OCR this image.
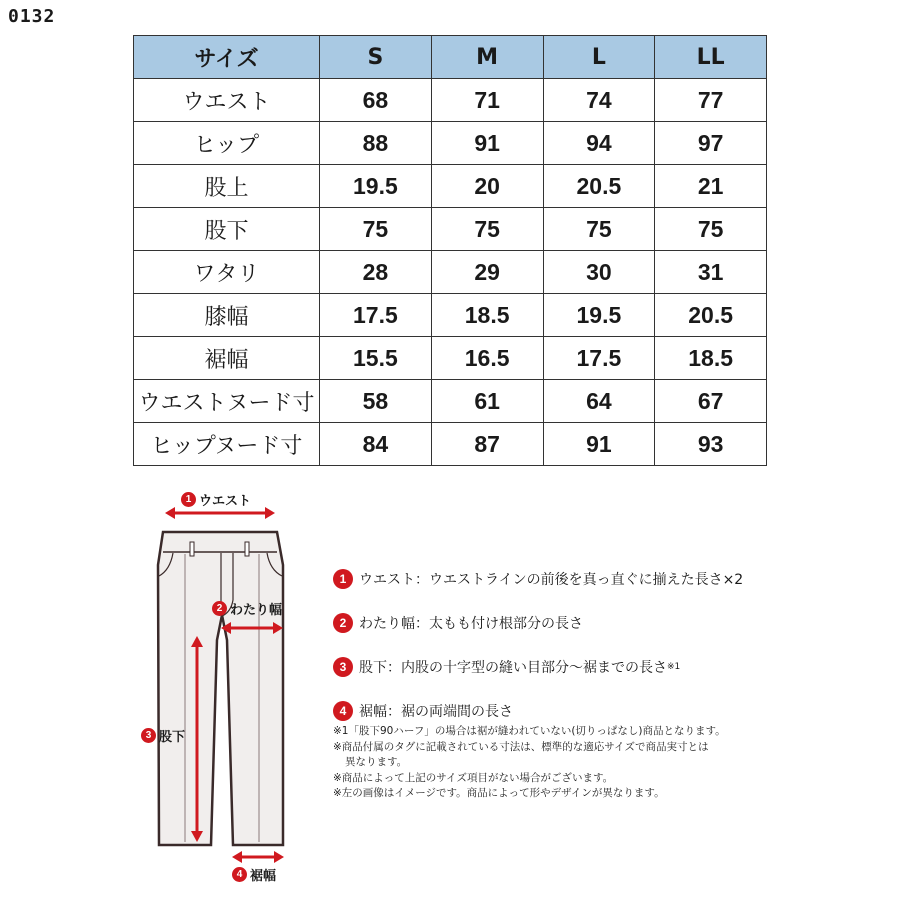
0132
サイズ	S	M	L	LL
ウエスト	68	71	74	77
ヒップ	88	91	94	97
股上	19.5	20	20.5	21
股下	75	75	75	75
ワタリ	28	29	30	31
膝幅	17.5	18.5	19.5	20.5
裾幅	15.5	16.5	17.5	18.5
ウエストヌード寸	58	61	64	67
ヒップヌード寸	84	87	91	93
1 ウエスト
2 わたり幅
3 股下
4 裾幅
1 ウエスト ：ウエストラインの前後を真っ直ぐに揃えた長さ×2
2 わたり幅 ：太もも付け根部分の長さ
3 股下 ：内股の十字型の縫い目部分〜裾までの長さ ※1
4 裾幅 ：裾の両端間の長さ
※1「股下90ハーフ」の場合は裾が縫われていない(切りっぱなし)商品となります。
※商品付属のタグに記載されている寸法は、標準的な適応サイズで商品実寸とは
異なります。
※商品によって上記のサイズ項目がない場合がございます。
※左の画像はイメージです。商品によって形やデザインが異なります。
